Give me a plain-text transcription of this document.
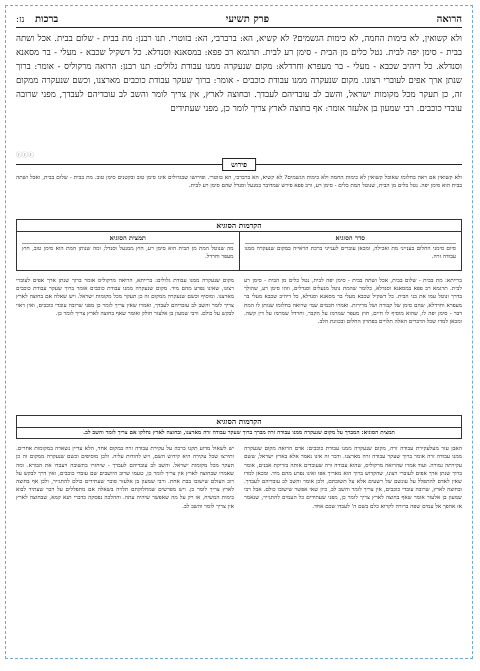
הרואה
פרק תשיעי
ברכות   נז:
ולא קשואין, לא כימות החמה, לא כימות הגשמים? לא קשיא, הא: ברברבי, הא: בזוטרי. תנו רבנן: מת בבית - שלום בבית. אכל ושתה בבית - סימן יפה לבית. נטל כלים מן הבית - סימן רע לבית. תרגמא רב פפא: במסאנא וסנדלא. כל דשקיל שכבא - מעלי - בר מסאנא וסנדלא. כל דיהיב שכבא - מעלי - בר מעפרא וחרדלא: מקום שנעקרה ממנו עבודת גלולים: תנו רבנן: הרואה מרקוליס - אומר: ברוך שנתן ארך אפים לעוברי רצונו. מקום שנעקרה ממנו עבודת כוכבים - אומר: ברוך שעקר עבודת כוכבים מארצנו, וכשם שנעקרה ממקום זה, כן תעקר מכל מקומות ישראל, והשב לב עובדיהם לעבדך. ובחוצה לארץ, אין צריך לומר והשב לב עובדיהם לעבדך, מפני שרובה עובדי כוכבים. רבי שמעון בן אלעזר אומר: אף בחוצה לארץ צריך לומר כן, מפני שעתידים
ⓒⓒⓒ
פירוש
ולא קשואין אם ראה בחלומו שאוכל קשואין לא כימות החמה ולא כימות הגשמים? לא קשיא, הא ברברבי, הא בזוטרי. ופירושו שבגדולים אינו סימן טוב ובקטנים סימן טוב. מת בבית - שלום בבית, ואכל ושתה בבית הוא סימן יפה. נטל כלים מן הבית, שנוטל המת כלים - סימן רע, ורב פפא פירש שמדובר במנעל וסנדל שהם סימן רע לבית.
הקדמות הסוגיא
סדר הסוגיא
סיום סימני החלום בענייני מת ואכילה, ומכאן עוברים לענייני ברכת הראייה במקום שנעקרה ממנו עבודה זרה.
תמצית הסוגיא
מה שנוטל המת מן הבית הוא סימן רע, חוץ ממנעל וסנדל; ומה שנותן המת הוא סימן טוב, חוץ מעפר וחרדל.
ברייתא: מת בבית - שלום בבית, אכל ושתה בבית - סימן יפה לבית, נטל כלים מן הבית - סימן רע לבית. תרגמא רב פפא במסאנא וסנדלא, כלומר שהמת נוטל מנעלים וסנדלים, וזהו סימן רע, שהולך בדרך ונוטל עמו את בני הבית. כל דשקיל שכבא מעלי בר מסאנא וסנדלא, כל דיהיב שכבא מעלי בר מעפרא וחרדלא, שהם סימן של קבורה ושל מרירות. ואמרו חכמים שמי שרואה בחלומו שנותן לו המת דבר - סימן יפה לו, שהוא מוסיף לו חיים, חוץ מעפר שמרמז על הקבר, וחרדל שמרמז על דין קשה. ומכאן למדו שכל הדברים האלה תלויים בפתרון החלום ובכוונת הלב.
מקום שנעקרה ממנו עבודת גלולים: ברייתא, הרואה מרקוליס אומר ברוך שנתן ארך אפים לעוברי רצונו, שאינו נפרע מהם מיד. מקום שנעקרה ממנו עבודת כוכבים אומר ברוך שעקר עבודת כוכבים מארצנו. ומוסיף וכשם שנעקרה ממקום זה כן תעקר מכל מקומות ישראל. ויש שאלה אם בחוצה לארץ צריך לומר והשב לב עובדיהם לעבדך, ואמרו שאין צריך לומר כן מפני שרובה עובדי כוכבים, ואין ראוי לבקש על כולם. ורבי שמעון בן אלעזר חולק ואומר שאף בחוצה לארץ צריך לומר כן.
הקדמות הסוגיא
תמצית הסוגיא: המברך על מקום שנעקרה ממנו עבודה זרה מברך ברוך שעקר עבודה זרה מארצנו, ובחוצה לארץ נחלקו אם צריך לומר והשב לב.
האבן עזר מעלעקירת עבודה זרה, מקום שנעקרה ממנו עבודת כוכבים: אדם הרואה מקום שנעקרה ממנו עבודה זרה אומר ברוך שעקר עבודה זרה מארצנו. ודבר זה אינו נאמר אלא בארץ ישראל, ששם עקירתה גמורה. ועוד אמרו שהרואה מרקוליס, שהוא עבודה זרה שעובדים אותה בזריקת אבנים, אומר ברוך שנתן ארך אפים לעוברי רצונו, שהקדוש ברוך הוא מאריך אפו ואינו נפרע מהם מיד. ומכאן למדו שאין לאדם להתפלל על עונשם של רשעים אלא על תשובתם, ולכן אומר והשב לב עובדיהם לעבדך. ובחוצה לארץ, שרובה עובדי כוכבים, אין צריך לומר והשב לב, כיון שאי אפשר שישובו כולם. אבל רבי שמעון בן אלעזר אומר שאף בחוצה לארץ צריך לומר כן, מפני שעתידים כל העמים להתגייר, שנאמר אז אהפך אל עמים שפה ברורה לקרוא כלם בשם ה' לעבדו שכם אחד.
יש לשאול מדוע תקנו ברכה על עקירת עבודה זרה במקום אחד, הלא עדיין נשארה במקומות אחרים. ותירצו שכל עקירה היא קידוש השם, ויש להודות עליה. ולכן מוסיפים וכשם שנעקרה ממקום זה כן תעקר מכל מקומות ישראל. והשב לב עובדיהם לעבדך - שיחזרו בתשובה ויעבדו את הבורא. ומה שאמרו שבחוצה לארץ אין צריך לומר כן, טעמו שרוב היושבים שם עובדי כוכבים, ואין דרך לבקש על רוב העולם שישובו בבת אחת. ורבי שמעון בן אלעזר סובר שעתידים כולם להתגייר, ולכן אף בחוצה לארץ צריך לומר כן. ויש מפרשים שמחלוקתם תלויה בשאלה אם מתפללים על דבר שעתיד לבוא בימות המשיח, או רק על מה שאפשר שיהיה עתה. וההלכה נפסקה כדברי תנא קמא, שבחוצה לארץ אין צריך לומר והשב לב.
